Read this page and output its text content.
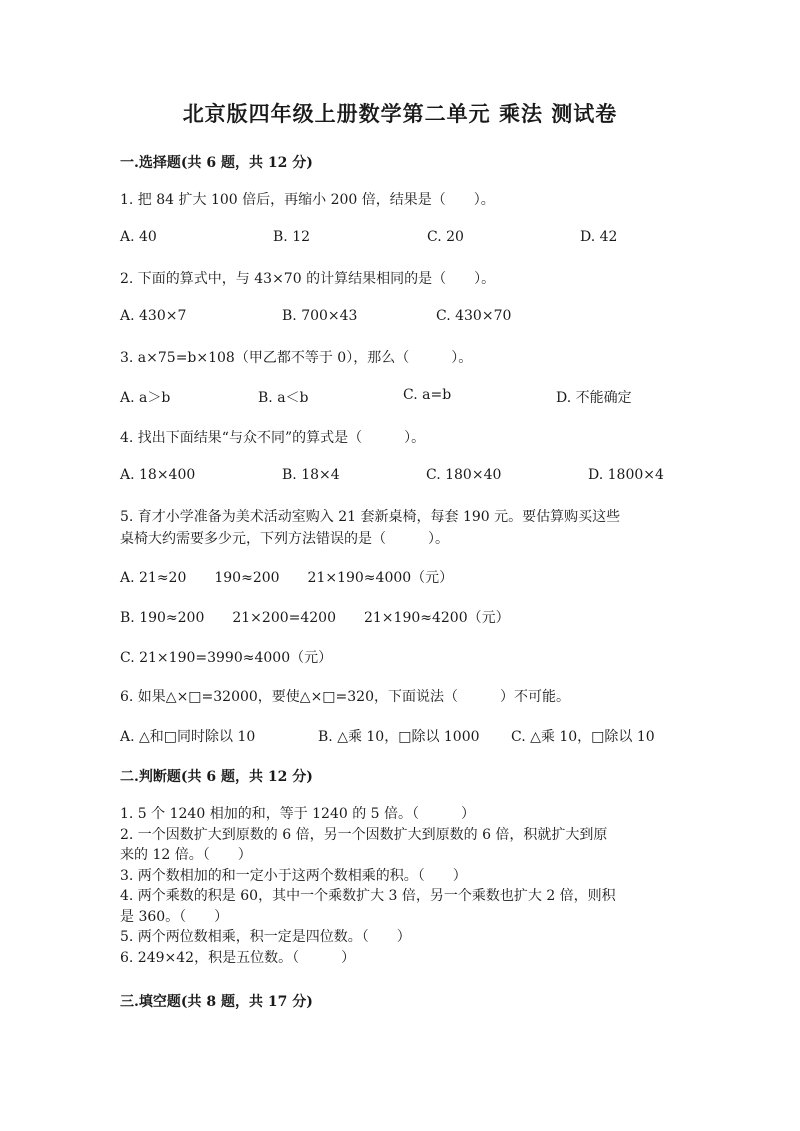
北京版四年级上册数学第二单元 乘法 测试卷
一.选择题(共 6 题，共 12 分)
1. 把 84 扩大 100 倍后，再缩小 200 倍，结果是（　　）。
A. 40	B. 12	C. 20	D. 42
2. 下面的算式中，与 43×70 的计算结果相同的是（　　）。
A. 430×7	B. 700×43	C. 430×70
3. a×75=b×108（甲乙都不等于 0），那么（　　　）。
A. a＞b	B. a＜b	C. a=b	D. 不能确定
4. 找出下面结果“与众不同”的算式是（　　　）。
A. 18×400	B. 18×4	C. 180×40	D. 1800×4
5. 育才小学准备为美术活动室购入 21 套新桌椅，每套 190 元。要估算购买这些
桌椅大约需要多少元，下列方法错误的是（　　　）。
A. 21≈20　　190≈200　　21×190≈4000（元）
B. 190≈200　　21×200=4200　　21×190≈4200（元）
C. 21×190=3990≈4000（元）
6. 如果△×□=32000，要使△×□=320，下面说法（　　　）不可能。
A. △和□同时除以 10	B. △乘 10，□除以 1000 C. △乘 10，□除以 10
二.判断题(共 6 题，共 12 分)
1. 5 个 1240 相加的和，等于 1240 的 5 倍。（　　　）
2. 一个因数扩大到原数的 6 倍，另一个因数扩大到原数的 6 倍，积就扩大到原
来的 12 倍。（　　）
3. 两个数相加的和一定小于这两个数相乘的积。（　　）
4. 两个乘数的积是 60，其中一个乘数扩大 3 倍，另一个乘数也扩大 2 倍，则积
是 360。（　　）
5. 两个两位数相乘，积一定是四位数。（　　）
6. 249×42，积是五位数。（　　　）
三.填空题(共 8 题，共 17 分)
